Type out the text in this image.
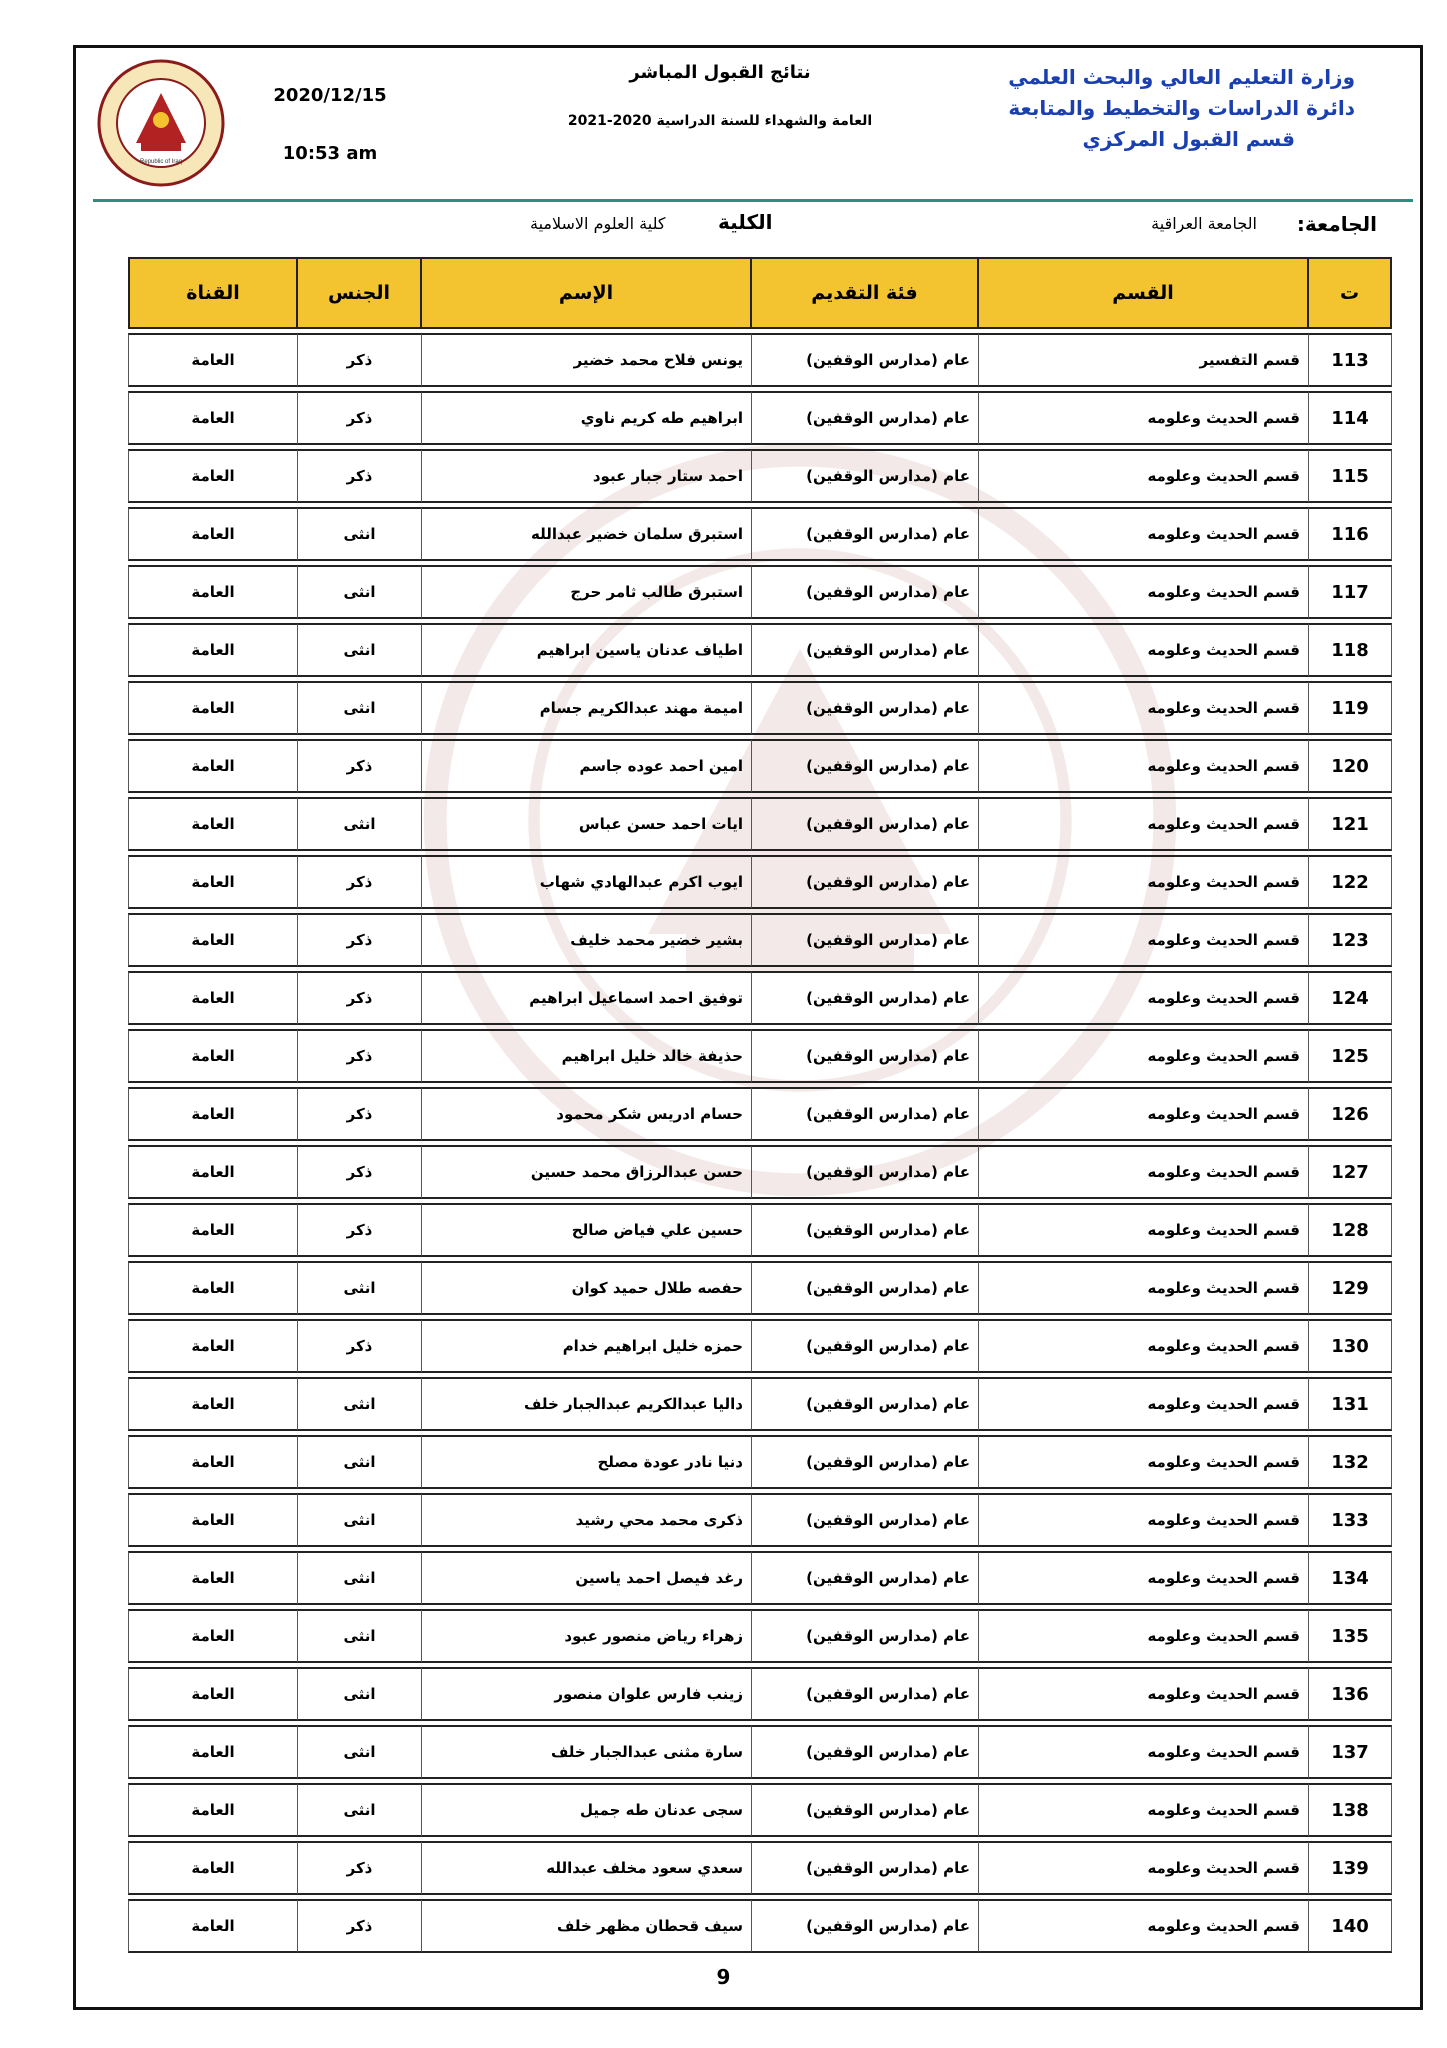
وزارة التعليم العالي والبحث العلمي
دائرة الدراسات والتخطيط والمتابعة
قسم القبول المركزي
نتائج القبول المباشر
العامة والشهداء للسنة الدراسية 2020-2021
2020/12/15
10:53 am
Republic of Iraq
الجامعة:
الجامعة العراقية
الكلية
كلية العلوم الاسلامية
ت	القسم	فئة التقديم	الإسم	الجنس	القناة
113	قسم التفسير	عام (مدارس الوقفين)	يونس فلاح محمد خضير	ذكر	العامة
114	قسم الحديث وعلومه	عام (مدارس الوقفين)	ابراهيم طه كريم ناوي	ذكر	العامة
115	قسم الحديث وعلومه	عام (مدارس الوقفين)	احمد ستار جبار عبود	ذكر	العامة
116	قسم الحديث وعلومه	عام (مدارس الوقفين)	استبرق سلمان خضير عبدالله	انثى	العامة
117	قسم الحديث وعلومه	عام (مدارس الوقفين)	استبرق طالب ثامر حرج	انثى	العامة
118	قسم الحديث وعلومه	عام (مدارس الوقفين)	اطياف عدنان ياسين ابراهيم	انثى	العامة
119	قسم الحديث وعلومه	عام (مدارس الوقفين)	اميمة مهند عبدالكريم جسام	انثى	العامة
120	قسم الحديث وعلومه	عام (مدارس الوقفين)	امين احمد عوده جاسم	ذكر	العامة
121	قسم الحديث وعلومه	عام (مدارس الوقفين)	ايات احمد حسن عباس	انثى	العامة
122	قسم الحديث وعلومه	عام (مدارس الوقفين)	ايوب اكرم عبدالهادي شهاب	ذكر	العامة
123	قسم الحديث وعلومه	عام (مدارس الوقفين)	بشير خضير محمد خليف	ذكر	العامة
124	قسم الحديث وعلومه	عام (مدارس الوقفين)	توفيق احمد اسماعيل ابراهيم	ذكر	العامة
125	قسم الحديث وعلومه	عام (مدارس الوقفين)	حذيفة خالد خليل ابراهيم	ذكر	العامة
126	قسم الحديث وعلومه	عام (مدارس الوقفين)	حسام ادريس شكر محمود	ذكر	العامة
127	قسم الحديث وعلومه	عام (مدارس الوقفين)	حسن عبدالرزاق محمد حسين	ذكر	العامة
128	قسم الحديث وعلومه	عام (مدارس الوقفين)	حسين علي فياض صالح	ذكر	العامة
129	قسم الحديث وعلومه	عام (مدارس الوقفين)	حفصه طلال حميد كوان	انثى	العامة
130	قسم الحديث وعلومه	عام (مدارس الوقفين)	حمزه خليل ابراهيم خدام	ذكر	العامة
131	قسم الحديث وعلومه	عام (مدارس الوقفين)	داليا عبدالكريم عبدالجبار خلف	انثى	العامة
132	قسم الحديث وعلومه	عام (مدارس الوقفين)	دنيا نادر عودة مصلح	انثى	العامة
133	قسم الحديث وعلومه	عام (مدارس الوقفين)	ذكرى محمد محي رشيد	انثى	العامة
134	قسم الحديث وعلومه	عام (مدارس الوقفين)	رغد فيصل احمد ياسين	انثى	العامة
135	قسم الحديث وعلومه	عام (مدارس الوقفين)	زهراء رياض منصور عبود	انثى	العامة
136	قسم الحديث وعلومه	عام (مدارس الوقفين)	زينب فارس علوان منصور	انثى	العامة
137	قسم الحديث وعلومه	عام (مدارس الوقفين)	سارة مثنى عبدالجبار خلف	انثى	العامة
138	قسم الحديث وعلومه	عام (مدارس الوقفين)	سجى عدنان طه جميل	انثى	العامة
139	قسم الحديث وعلومه	عام (مدارس الوقفين)	سعدي سعود مخلف عبدالله	ذكر	العامة
140	قسم الحديث وعلومه	عام (مدارس الوقفين)	سيف قحطان مظهر خلف	ذكر	العامة
9
